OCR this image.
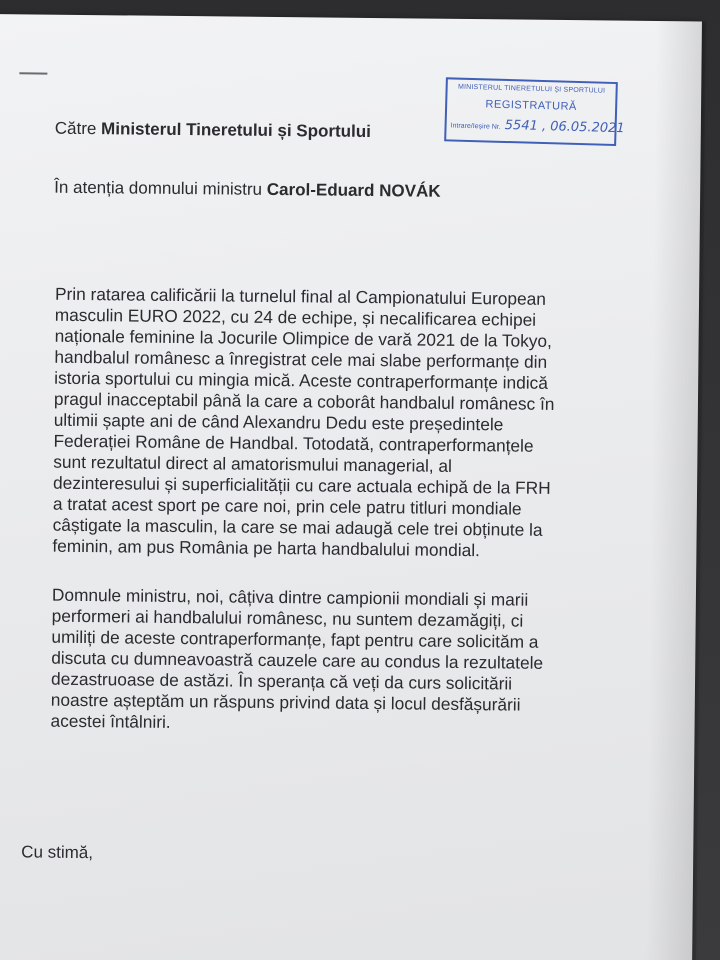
MINISTERUL TINERETULUI ȘI SPORTULUI
REGISTRATURĂ
Intrare/Ieșire Nr. 5541 , 06.05.2021
Către Ministerul Tineretului și Sportului
În atenția domnului ministru Carol-Eduard NOVÁK
Prin ratarea calificării la turnelul final al Campionatului European
masculin EURO 2022, cu 24 de echipe, și necalificarea echipei
naționale feminine la Jocurile Olimpice de vară 2021 de la Tokyo,
handbalul românesc a înregistrat cele mai slabe performanțe din
istoria sportului cu mingia mică. Aceste contraperformanțe indică
pragul inacceptabil până la care a coborât handbalul românesc în
ultimii șapte ani de când Alexandru Dedu este președintele
Federației Române de Handbal. Totodată, contraperformanțele
sunt rezultatul direct al amatorismului managerial, al
dezinteresului și superficialității cu care actuala echipă de la FRH
a tratat acest sport pe care noi, prin cele patru titluri mondiale
câștigate la masculin, la care se mai adaugă cele trei obținute la
feminin, am pus România pe harta handbalului mondial.
Domnule ministru, noi, câțiva dintre campionii mondiali și marii
performeri ai handbalului românesc, nu suntem dezamăgiți, ci
umiliți de aceste contraperformanțe, fapt pentru care solicităm a
discuta cu dumneavoastră cauzele care au condus la rezultatele
dezastruoase de astăzi. În speranța că veți da curs solicitării
noastre așteptăm un răspuns privind data și locul desfășurării
acestei întâlniri.
Cu stimă,
